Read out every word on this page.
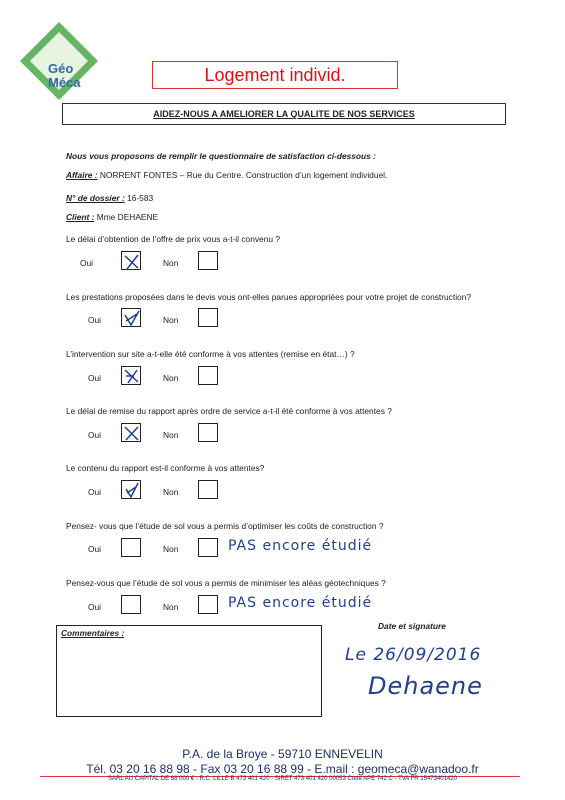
Géo
Méca	Logement individ.
AIDEZ-NOUS A AMELIORER LA QUALITE DE NOS SERVICES
Nous vous proposons de remplir le questionnaire de satisfaction ci-dessous :
Affaire : NORRENT FONTES – Rue du Centre. Construction d’un logement individuel.
N° de dossier : 16-583
Client : Mme DEHAENE
Le délai d’obtention de l’offre de prix vous a-t-il convenu ?
Oui	Non
Les prestations proposées dans le devis vous ont-elles parues appropriées pour votre projet de construction?
Oui	Non
L’intervention sur site a-t-elle été conforme à vos attentes (remise en état…) ?
Oui	Non
Le délai de remise du rapport après ordre de service a-t-il été conforme à vos attentes ?
Oui	Non
Le contenu du rapport est-il conforme à vos attentes?
Oui	Non
Pensez- vous que l’étude de sol vous a permis d’optimiser les coûts de construction ?
Oui	Non	PAS encore étudié
Pensez-vous que l’étude de sol vous a permis de minimiser les aléas géotechniques ?
Oui	Non	PAS encore étudié
Commentaires :
Date et signature
Le 26/09/2016
Dehaene
P.A. de la Broye - 59710 ENNEVELIN
Tél. 03 20 16 88 98 - Fax 03 20 16 88 99 - E.mail : geomeca@wanadoo.fr
SARL AU CAPITAL DE 88 000 € - R.C. LILLE B 473 401 420 - SIRET 473 401 420 00053 Code APE 742 C - TVA FR 15473401420
